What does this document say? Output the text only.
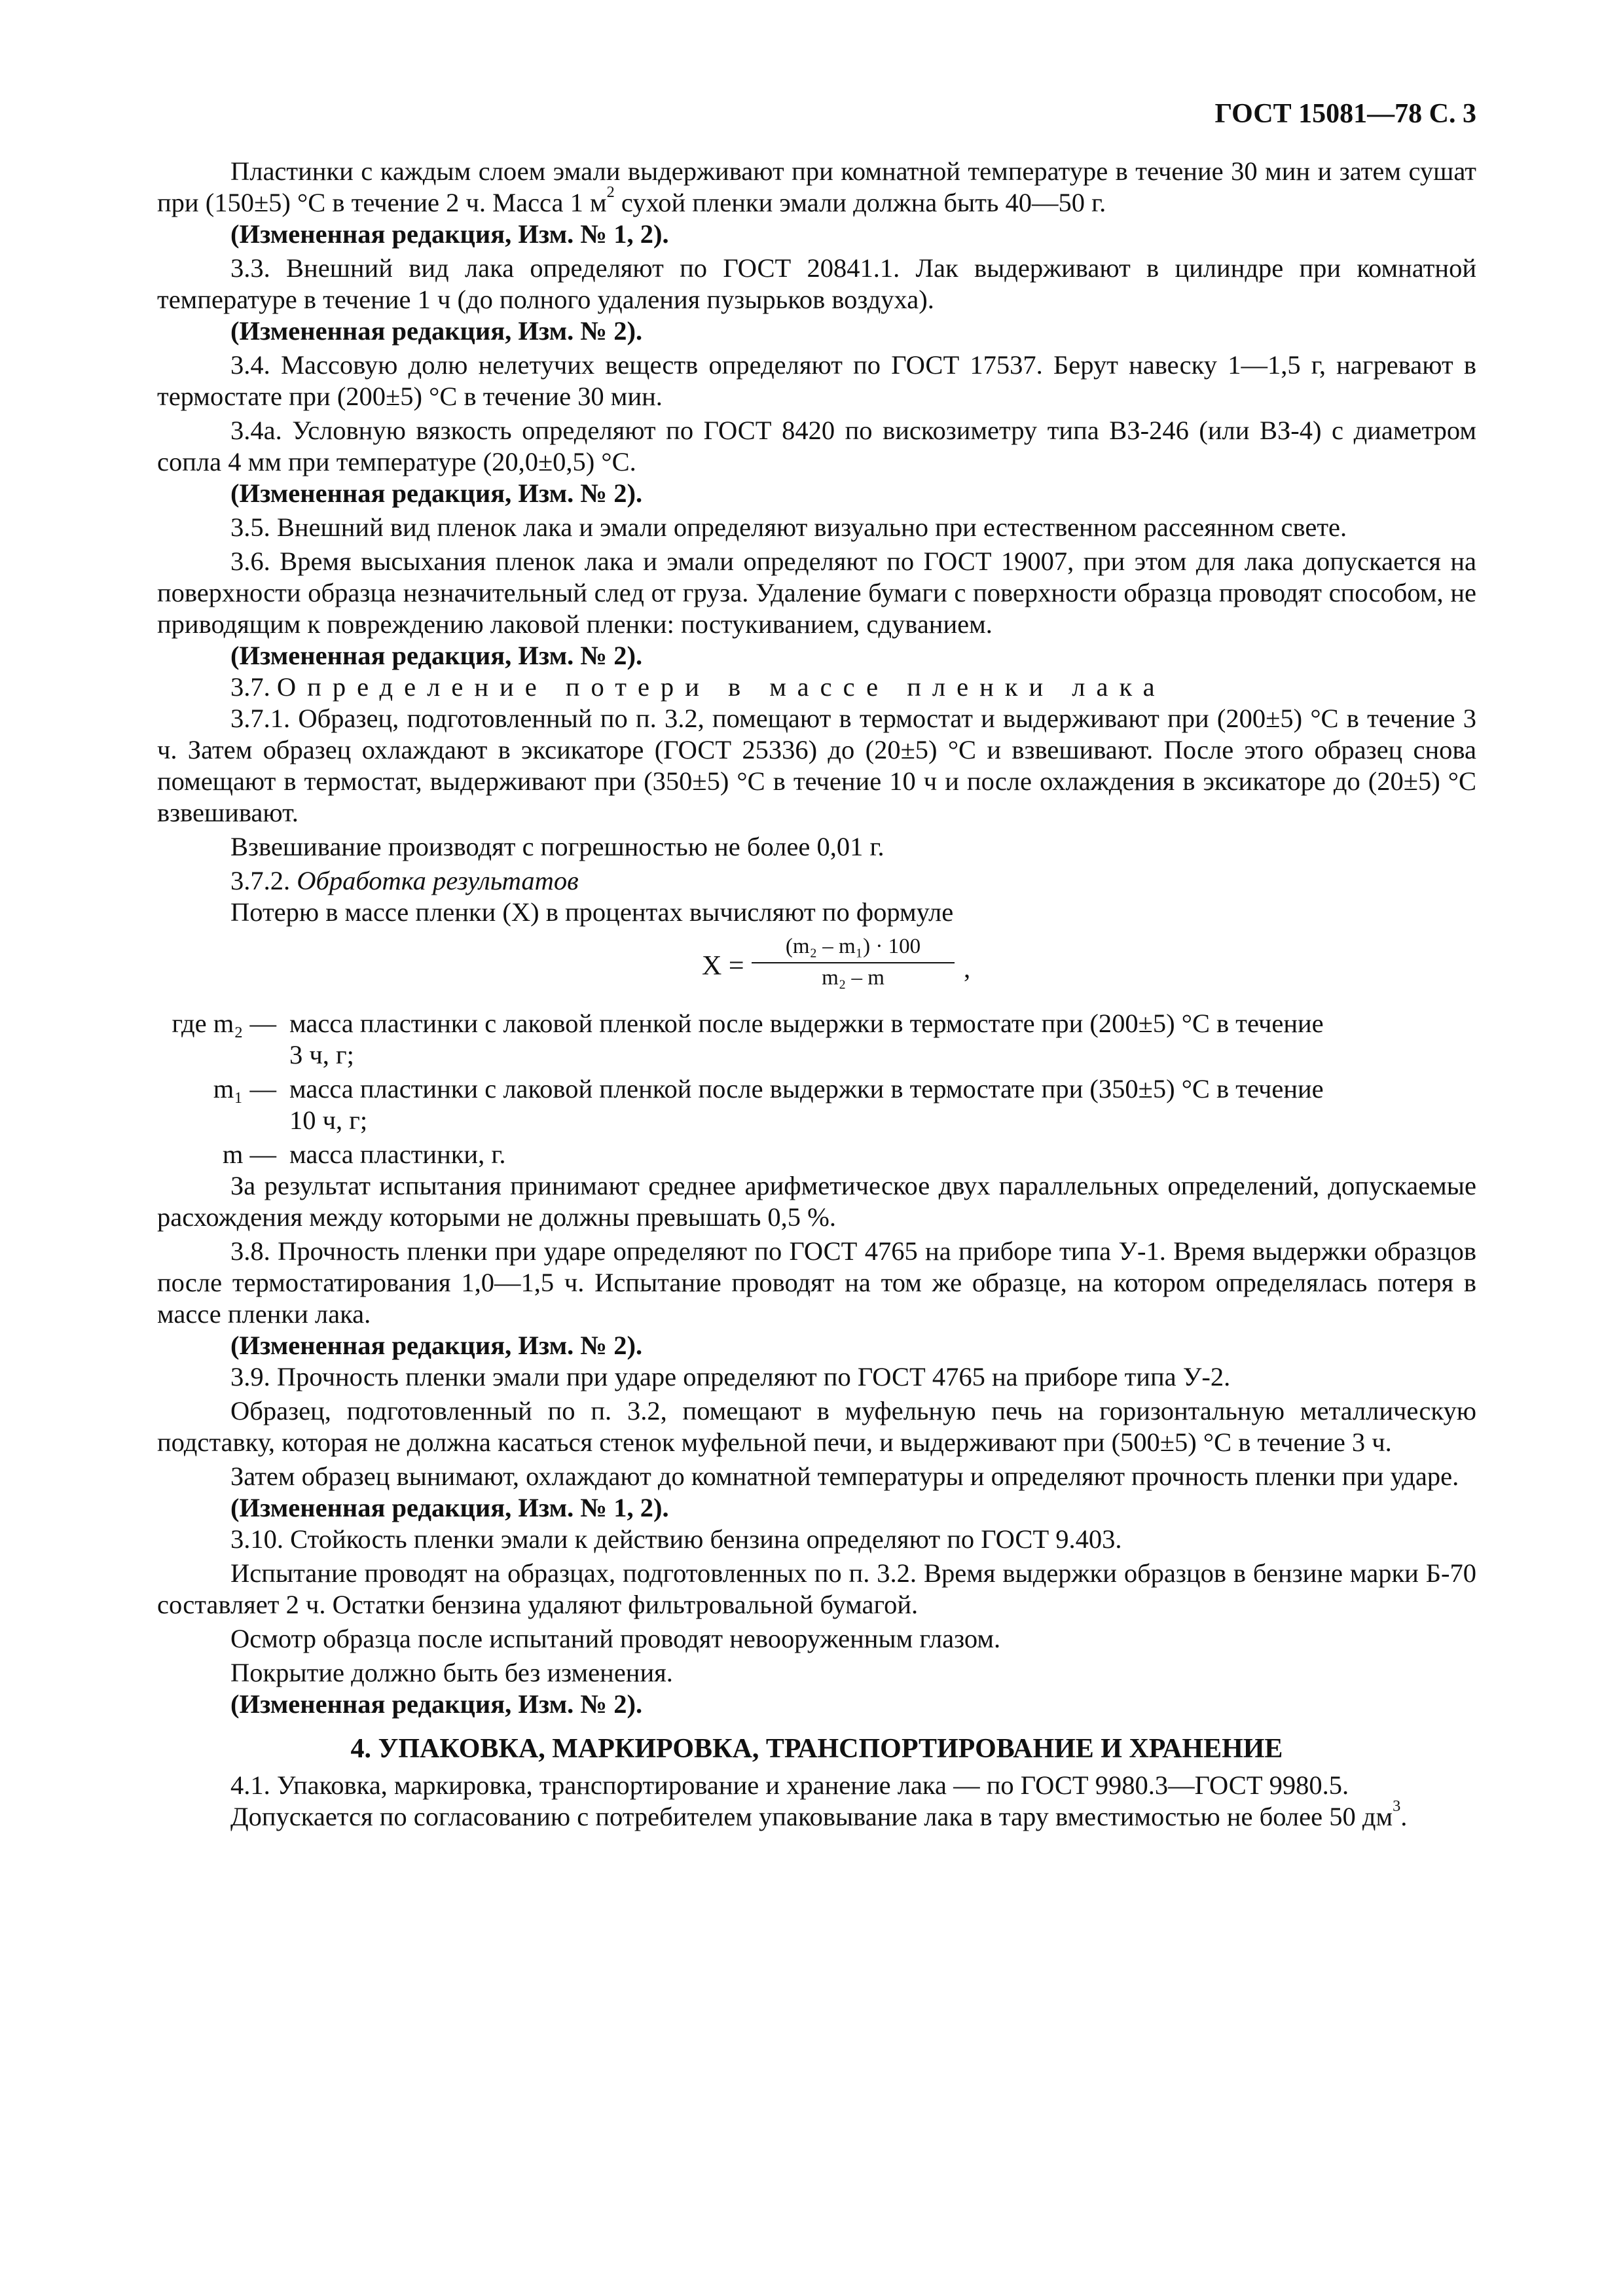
ГОСТ 15081—78 С. 3

Пластинки с каждым слоем эмали выдерживают при комнатной температуре в течение 30 мин и затем сушат при (150±5) °С в течение 2 ч. Масса 1 $м^2$ сухой пленки эмали должна быть 40—50 г.

(Измененная редакция, Изм. № 1, 2).

3.3. Внешний вид лака определяют по ГОСТ 20841.1. Лак выдерживают в цилиндре при комнатной температуре в течение 1 ч (до полного удаления пузырьков воздуха).

(Измененная редакция, Изм. № 2).

3.4. Массовую долю нелетучих веществ определяют по ГОСТ 17537. Берут навеску 1—1,5 г, нагревают в термостате при (200±5) °С в течение 30 мин.

3.4а. Условную вязкость определяют по ГОСТ 8420 по вискозиметру типа ВЗ-246 (или ВЗ-4) с диаметром сопла 4 мм при температуре (20,0±0,5) °С.

(Измененная редакция, Изм. № 2).

3.5. Внешний вид пленок лака и эмали определяют визуально при естественном рассеянном свете.

3.6. Время высыхания пленок лака и эмали определяют по ГОСТ 19007, при этом для лака допускается на поверхности образца незначительный след от груза. Удаление бумаги с поверхности образца проводят способом, не приводящим к повреждению лаковой пленки: постукиванием, сдуванием.

(Измененная редакция, Изм. № 2).

3.7. Определение потери в массе пленки лака

3.7.1. Образец, подготовленный по п. 3.2, помещают в термостат и выдерживают при (200±5) °С в течение 3 ч. Затем образец охлаждают в эксикаторе (ГОСТ 25336) до (20±5) °С и взвешивают. После этого образец снова помещают в термостат, выдерживают при (350±5) °С в течение 10 ч и после охлаждения в эксикаторе до (20±5) °С взвешивают.

Взвешивание производят с погрешностью не более 0,01 г.

3.7.2. Обработка результатов

Потерю в массе пленки (X) в процентах вычисляют по формуле

$X = \frac{\text{(m₂ – m₁) · 100}}{\text{m₂ – m}}$ ,
где m₂ — масса пластинки с лаковой пленкой после выдержки в термостате при (200±5) °С в течение

3 ч, г;

m₁ — масса пластинки с лаковой пленкой после выдержки в термостате при (350±5) °С в течение

10 ч, г;

m — масса пластинки, г.

За результат испытания принимают среднее арифметическое двух параллельных определений, допускаемые расхождения между которыми не должны превышать 0,5 %.

3.8. Прочность пленки при ударе определяют по ГОСТ 4765 на приборе типа У-1. Время выдержки образцов после термостатирования 1,0—1,5 ч. Испытание проводят на том же образце, на котором определялась потеря в массе пленки лака.

(Измененная редакция, Изм. № 2).

3.9. Прочность пленки эмали при ударе определяют по ГОСТ 4765 на приборе типа У-2.

Образец, подготовленный по п. 3.2, помещают в муфельную печь на горизонтальную металлическую подставку, которая не должна касаться стенок муфельной печи, и выдерживают при (500±5) °С в течение 3 ч.

Затем образец вынимают, охлаждают до комнатной температуры и определяют прочность пленки при ударе.

(Измененная редакция, Изм. № 1, 2).

3.10. Стойкость пленки эмали к действию бензина определяют по ГОСТ 9.403.

Испытание проводят на образцах, подготовленных по п. 3.2. Время выдержки образцов в бензине марки Б-70 составляет 2 ч. Остатки бензина удаляют фильтровальной бумагой.

Осмотр образца после испытаний проводят невооруженным глазом.

Покрытие должно быть без изменения.

(Измененная редакция, Изм. № 2).

4. УПАКОВКА, МАРКИРОВКА, ТРАНСПОРТИРОВАНИЕ И ХРАНЕНИЕ

4.1. Упаковка, маркировка, транспортирование и хранение лака — по ГОСТ 9980.3—ГОСТ 9980.5.

Допускается по согласованию с потребителем упаковывание лака в тару вместимостью не более 50 $дм^3$.
